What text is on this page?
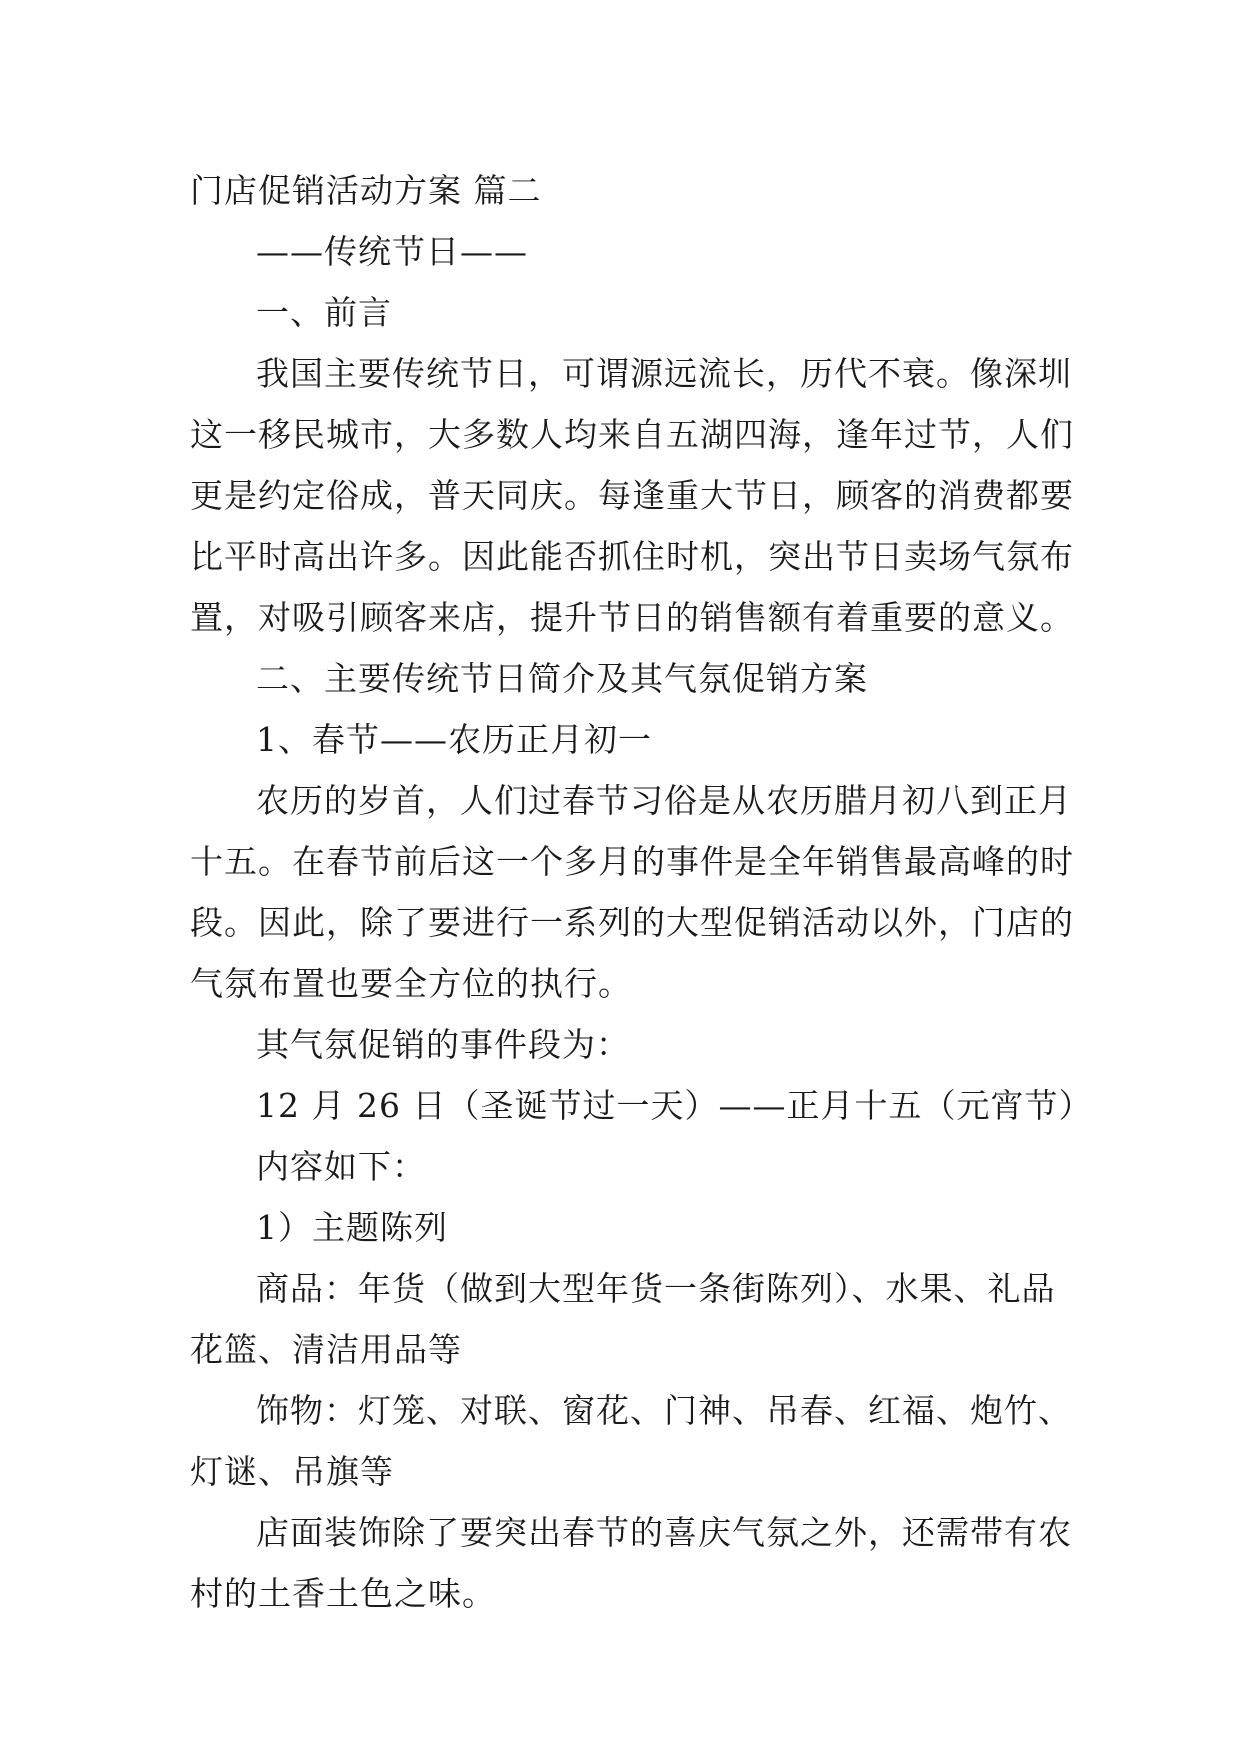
门店促销活动方案 篇二
——传统节日——
一、前言
我国主要传统节日，可谓源远流长，历代不衰。像深圳
这一移民城市，大多数人均来自五湖四海，逢年过节，人们
更是约定俗成，普天同庆。每逢重大节日，顾客的消费都要
比平时高出许多。因此能否抓住时机，突出节日卖场气氛布
置，对吸引顾客来店，提升节日的销售额有着重要的意义。
二、主要传统节日简介及其气氛促销方案
1、春节——农历正月初一
农历的岁首，人们过春节习俗是从农历腊月初八到正月
十五。在春节前后这一个多月的事件是全年销售最高峰的时
段。因此，除了要进行一系列的大型促销活动以外，门店的
气氛布置也要全方位的执行。
其气氛促销的事件段为：
12 月 26 日（圣诞节过一天）——正月十五（元宵节）
内容如下：
1）主题陈列
商品：年货（做到大型年货一条街陈列）、水果、礼品
花篮、清洁用品等
饰物：灯笼、对联、窗花、门神、吊春、红福、炮竹、
灯谜、吊旗等
店面装饰除了要突出春节的喜庆气氛之外，还需带有农
村的土香土色之味。
